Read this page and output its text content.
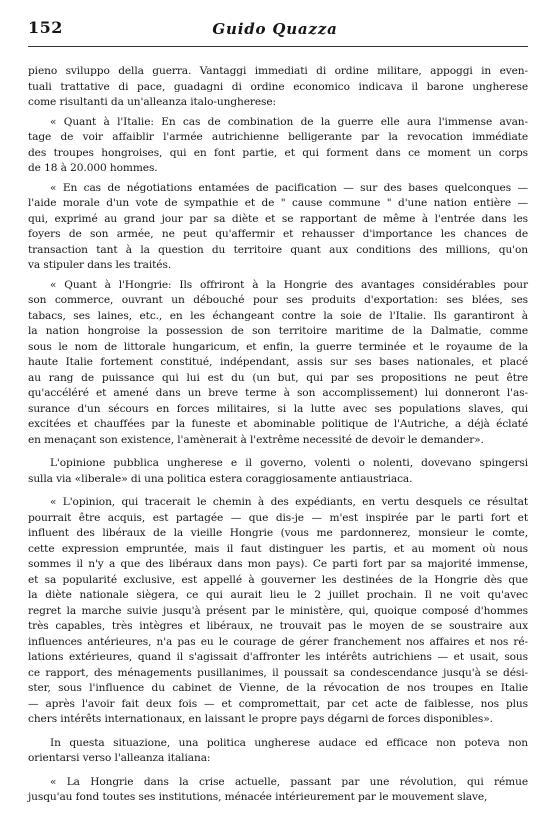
152	Guido Quazza
pieno sviluppo della guerra. Vantaggi immediati di ordine militare, appoggi in even-
tuali trattative di pace, guadagni di ordine economico indicava il barone ungherese
come risultanti da un'alleanza italo-ungherese:
« Quant à l'Italie: En cas de combination de la guerre elle aura l'immense avan-
tage de voir affaiblir l'armée autrichienne belligerante par la revocation immédiate
des troupes hongroises, qui en font partie, et qui forment dans ce moment un corps
de 18 à 20.000 hommes.
« En cas de négotiations entamées de pacification — sur des bases quelconques —
l'aide morale d'un vote de sympathie et de " cause commune " d'une nation entière —
qui, exprimé au grand jour par sa diète et se rapportant de même à l'entrée dans les
foyers de son armée, ne peut qu'affermir et rehausser d'importance les chances de
transaction tant à la question du territoire quant aux conditions des millions, qu'on
va stipuler dans les traités.
« Quant à l'Hongrie: Ils offriront à la Hongrie des avantages considérables pour
son commerce, ouvrant un débouché pour ses produits d'exportation: ses blées, ses
tabacs, ses laines, etc., en les échangeant contre la soie de l'Italie. Ils garantiront à
la nation hongroise la possession de son territoire maritime de la Dalmatie, comme
sous le nom de littorale hungaricum, et enfin, la guerre terminée et le royaume de la
haute Italie fortement constitué, indépendant, assis sur ses bases nationales, et placé
au rang de puissance qui lui est du (un but, qui par ses propositions ne peut être
qu'accéléré et amené dans un breve terme à son accomplissement) lui donneront l'as-
surance d'un sécours en forces militaires, si la lutte avec ses populations slaves, qui
excitées et chauffées par la funeste et abominable politique de l'Autriche, a déjà éclaté
en menaçant son existence, l'amènerait à l'extrême necessité de devoir le demander».
L'opinione pubblica ungherese e il governo, volenti o nolenti, dovevano spingersi
sulla via «liberale» di una politica estera coraggiosamente antiaustriaca.
« L'opinion, qui tracerait le chemin à des expédiants, en vertu desquels ce résultat
pourrait être acquis, est partagée — que dis-je — m'est inspirée par le parti fort et
influent des libéraux de la vieille Hongrie (vous me pardonnerez, monsieur le comte,
cette expression empruntée, mais il faut distinguer les partis, et au moment où nous
sommes il n'y a que des libéraux dans mon pays). Ce parti fort par sa majorité immense,
et sa popularité exclusive, est appellé à gouverner les destinées de la Hongrie dès que
la diète nationale siègera, ce qui aurait lieu le 2 juillet prochain. Il ne voit qu'avec
regret la marche suivie jusqu'à présent par le ministère, qui, quoique composé d'hommes
très capables, très intègres et libéraux, ne trouvait pas le moyen de se soustraire aux
influences antérieures, n'a pas eu le courage de gérer franchement nos affaires et nos ré-
lations extérieures, quand il s'agissait d'affronter les intérêts autrichiens — et usait, sous
ce rapport, des ménagements pusillanimes, il poussait sa condescendance jusqu'à se dési-
ster, sous l'influence du cabinet de Vienne, de la révocation de nos troupes en Italie
— après l'avoir fait deux fois — et compromettait, par cet acte de faiblesse, nos plus
chers intérêts internationaux, en laissant le propre pays dégarni de forces disponibles».
In questa situazione, una politica ungherese audace ed efficace non poteva non
orientarsi verso l'alleanza italiana:
« La Hongrie dans la crise actuelle, passant par une révolution, qui rémue
jusqu'au fond toutes ses institutions, ménacée intérieurement par le mouvement slave,
